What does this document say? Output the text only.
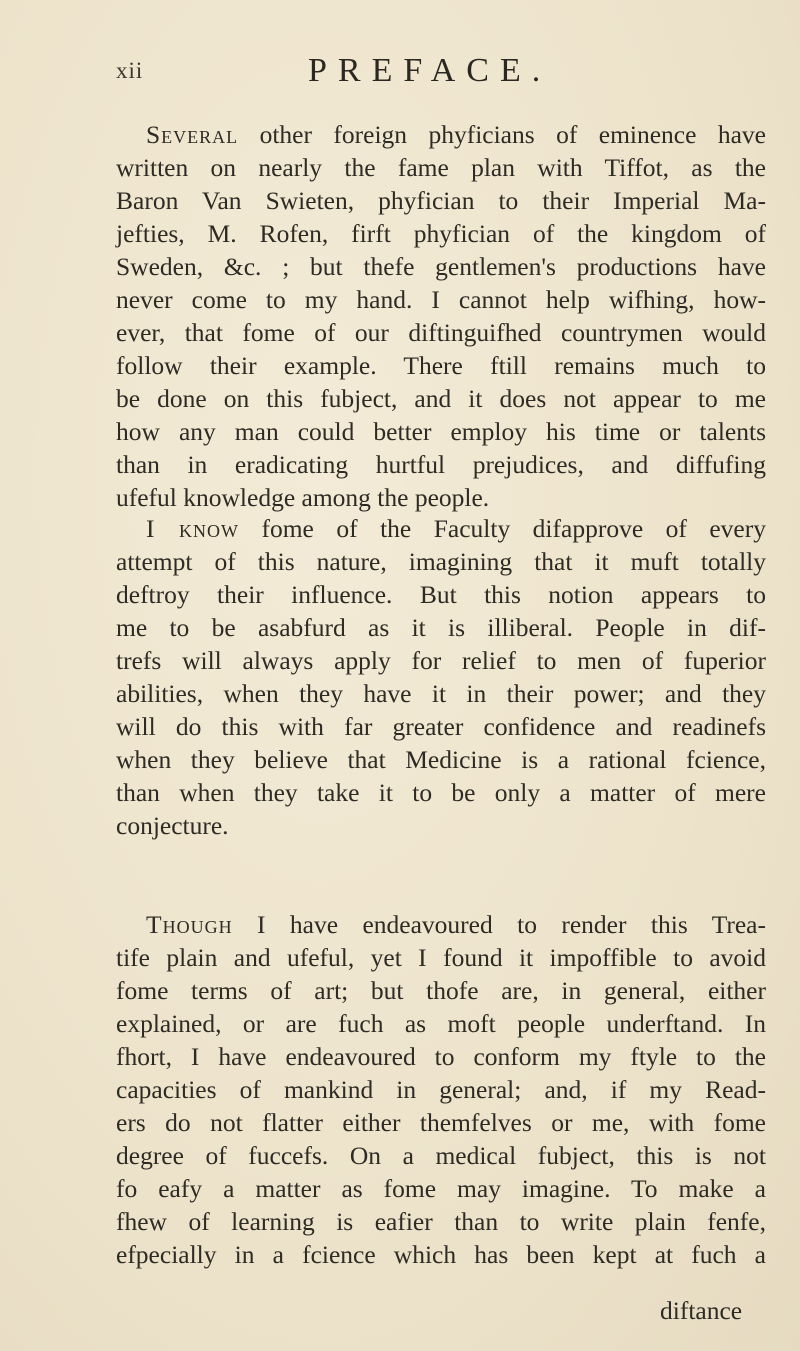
xii	PREFACE.
Several other foreign phyficians of eminence have
written on nearly the fame plan with Tiffot, as the
Baron Van Swieten, phyfician to their Imperial Ma-
jefties, M. Rofen, firft phyfician of the kingdom of
Sweden, &c. ; but thefe gentlemen's productions have
never come to my hand. I cannot help wifhing, how-
ever, that fome of our diftinguifhed countrymen would
follow their example. There ftill remains much to
be done on this fubject, and it does not appear to me
how any man could better employ his time or talents
than in eradicating hurtful prejudices, and diffufing
ufeful knowledge among the people.
I know fome of the Faculty difapprove of every
attempt of this nature, imagining that it muft totally
deftroy their influence. But this notion appears to
me to be asabfurd as it is illiberal. People in dif-
trefs will always apply for relief to men of fuperior
abilities, when they have it in their power; and they
will do this with far greater confidence and readinefs
when they believe that Medicine is a rational fcience,
than when they take it to be only a matter of mere
conjecture.
Though I have endeavoured to render this Trea-
tife plain and ufeful, yet I found it impoffible to avoid
fome terms of art; but thofe are, in general, either
explained, or are fuch as moft people underftand. In
fhort, I have endeavoured to conform my ftyle to the
capacities of mankind in general; and, if my Read-
ers do not flatter either themfelves or me, with fome
degree of fuccefs. On a medical fubject, this is not
fo eafy a matter as fome may imagine. To make a
fhew of learning is eafier than to write plain fenfe,
efpecially in a fcience which has been kept at fuch a
diftance
